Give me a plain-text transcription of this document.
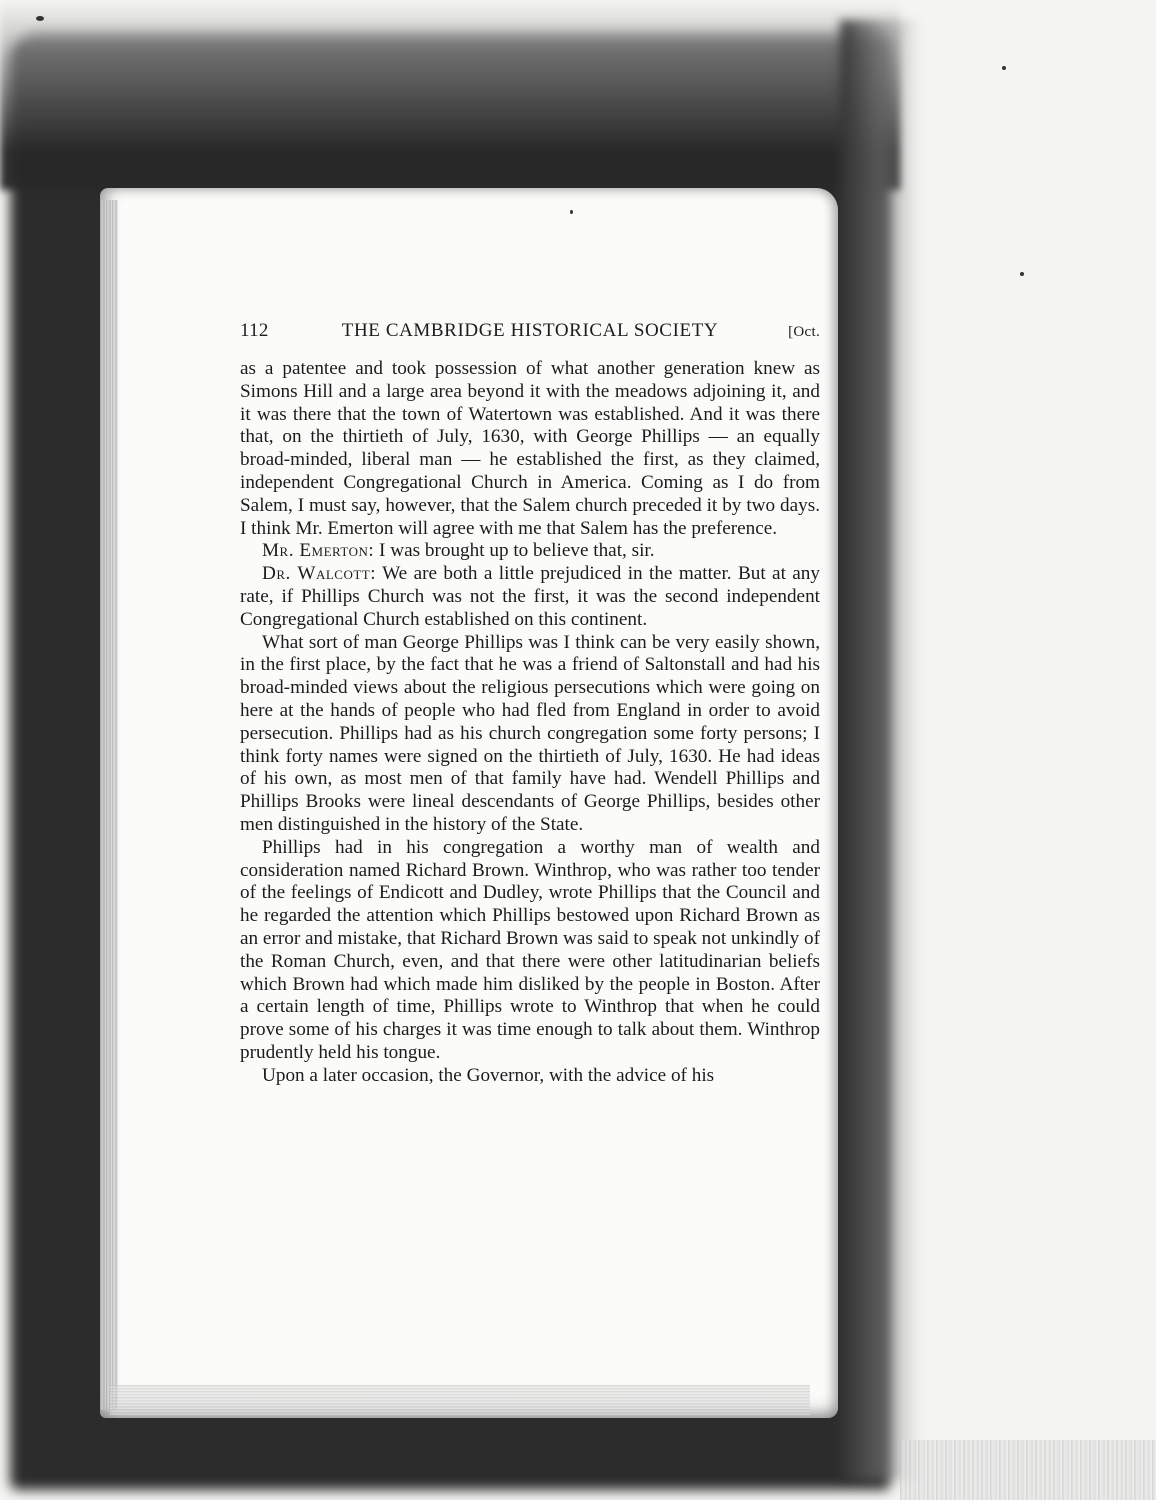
112	THE CAMBRIDGE HISTORICAL SOCIETY	[Oct.

as a patentee and took possession of what another generation knew as Simons Hill and a large area beyond it with the meadows adjoining it, and it was there that the town of Watertown was established. And it was there that, on the thirtieth of July, 1630, with George Phillips — an equally broad-minded, liberal man — he established the first, as they claimed, independent Congregational Church in America. Coming as I do from Salem, I must say, however, that the Salem church preceded it by two days. I think Mr. Emerton will agree with me that Salem has the preference.

Mr. Emerton: I was brought up to believe that, sir.

Dr. Walcott: We are both a little prejudiced in the matter. But at any rate, if Phillips Church was not the first, it was the second independent Congregational Church established on this continent.

What sort of man George Phillips was I think can be very easily shown, in the first place, by the fact that he was a friend of Saltonstall and had his broad-minded views about the religious persecutions which were going on here at the hands of people who had fled from England in order to avoid persecution. Phillips had as his church congregation some forty persons; I think forty names were signed on the thirtieth of July, 1630. He had ideas of his own, as most men of that family have had. Wendell Phillips and Phillips Brooks were lineal descendants of George Phillips, besides other men distinguished in the history of the State.

Phillips had in his congregation a worthy man of wealth and consideration named Richard Brown. Winthrop, who was rather too tender of the feelings of Endicott and Dudley, wrote Phillips that the Council and he regarded the attention which Phillips bestowed upon Richard Brown as an error and mistake, that Richard Brown was said to speak not unkindly of the Roman Church, even, and that there were other latitudinarian beliefs which Brown had which made him disliked by the people in Boston. After a certain length of time, Phillips wrote to Winthrop that when he could prove some of his charges it was time enough to talk about them. Winthrop prudently held his tongue.

Upon a later occasion, the Governor, with the advice of his
